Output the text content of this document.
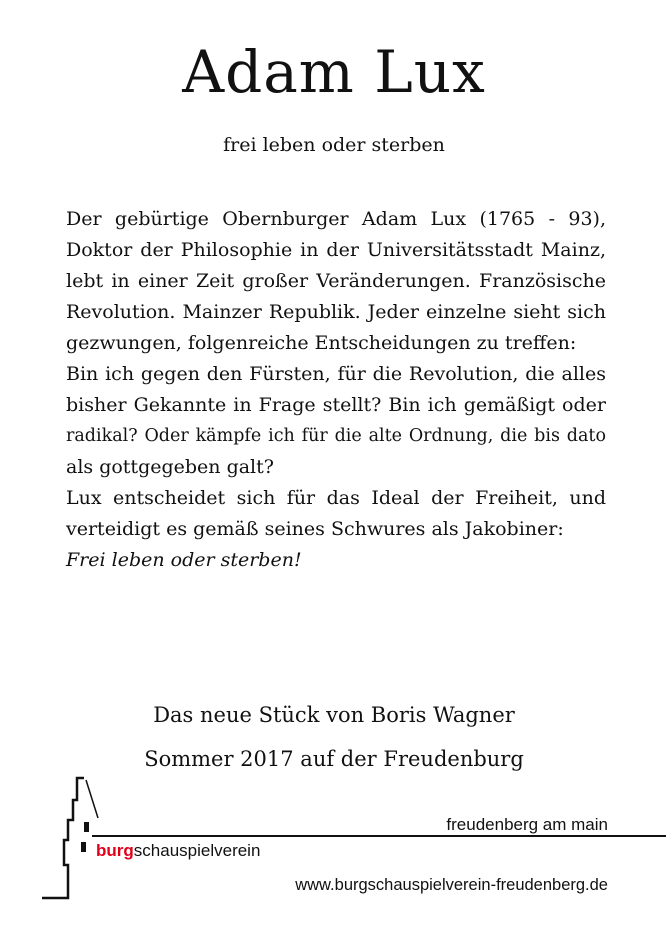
Adam Lux
frei leben oder sterben

Der gebürtige Obernburger Adam Lux (1765 - 93),
Doktor der Philosophie in der Universitätsstadt Mainz,
lebt in einer Zeit großer Veränderungen. Französische
Revolution. Mainzer Republik. Jeder einzelne sieht sich
gezwungen, folgenreiche Entscheidungen zu treffen:

Bin ich gegen den Fürsten, für die Revolution, die alles
bisher Gekannte in Frage stellt? Bin ich gemäßigt oder
radikal? Oder kämpfe ich für die alte Ordnung, die bis dato
als gottgegeben galt?

Lux entscheidet sich für das Ideal der Freiheit, und
verteidigt es gemäß seines Schwures als Jakobiner:

Frei leben oder sterben!

Das neue Stück von Boris Wagner
Sommer 2017 auf der Freudenburg
freudenberg am main
burgschauspielverein
www.burgschauspielverein-freudenberg.de
